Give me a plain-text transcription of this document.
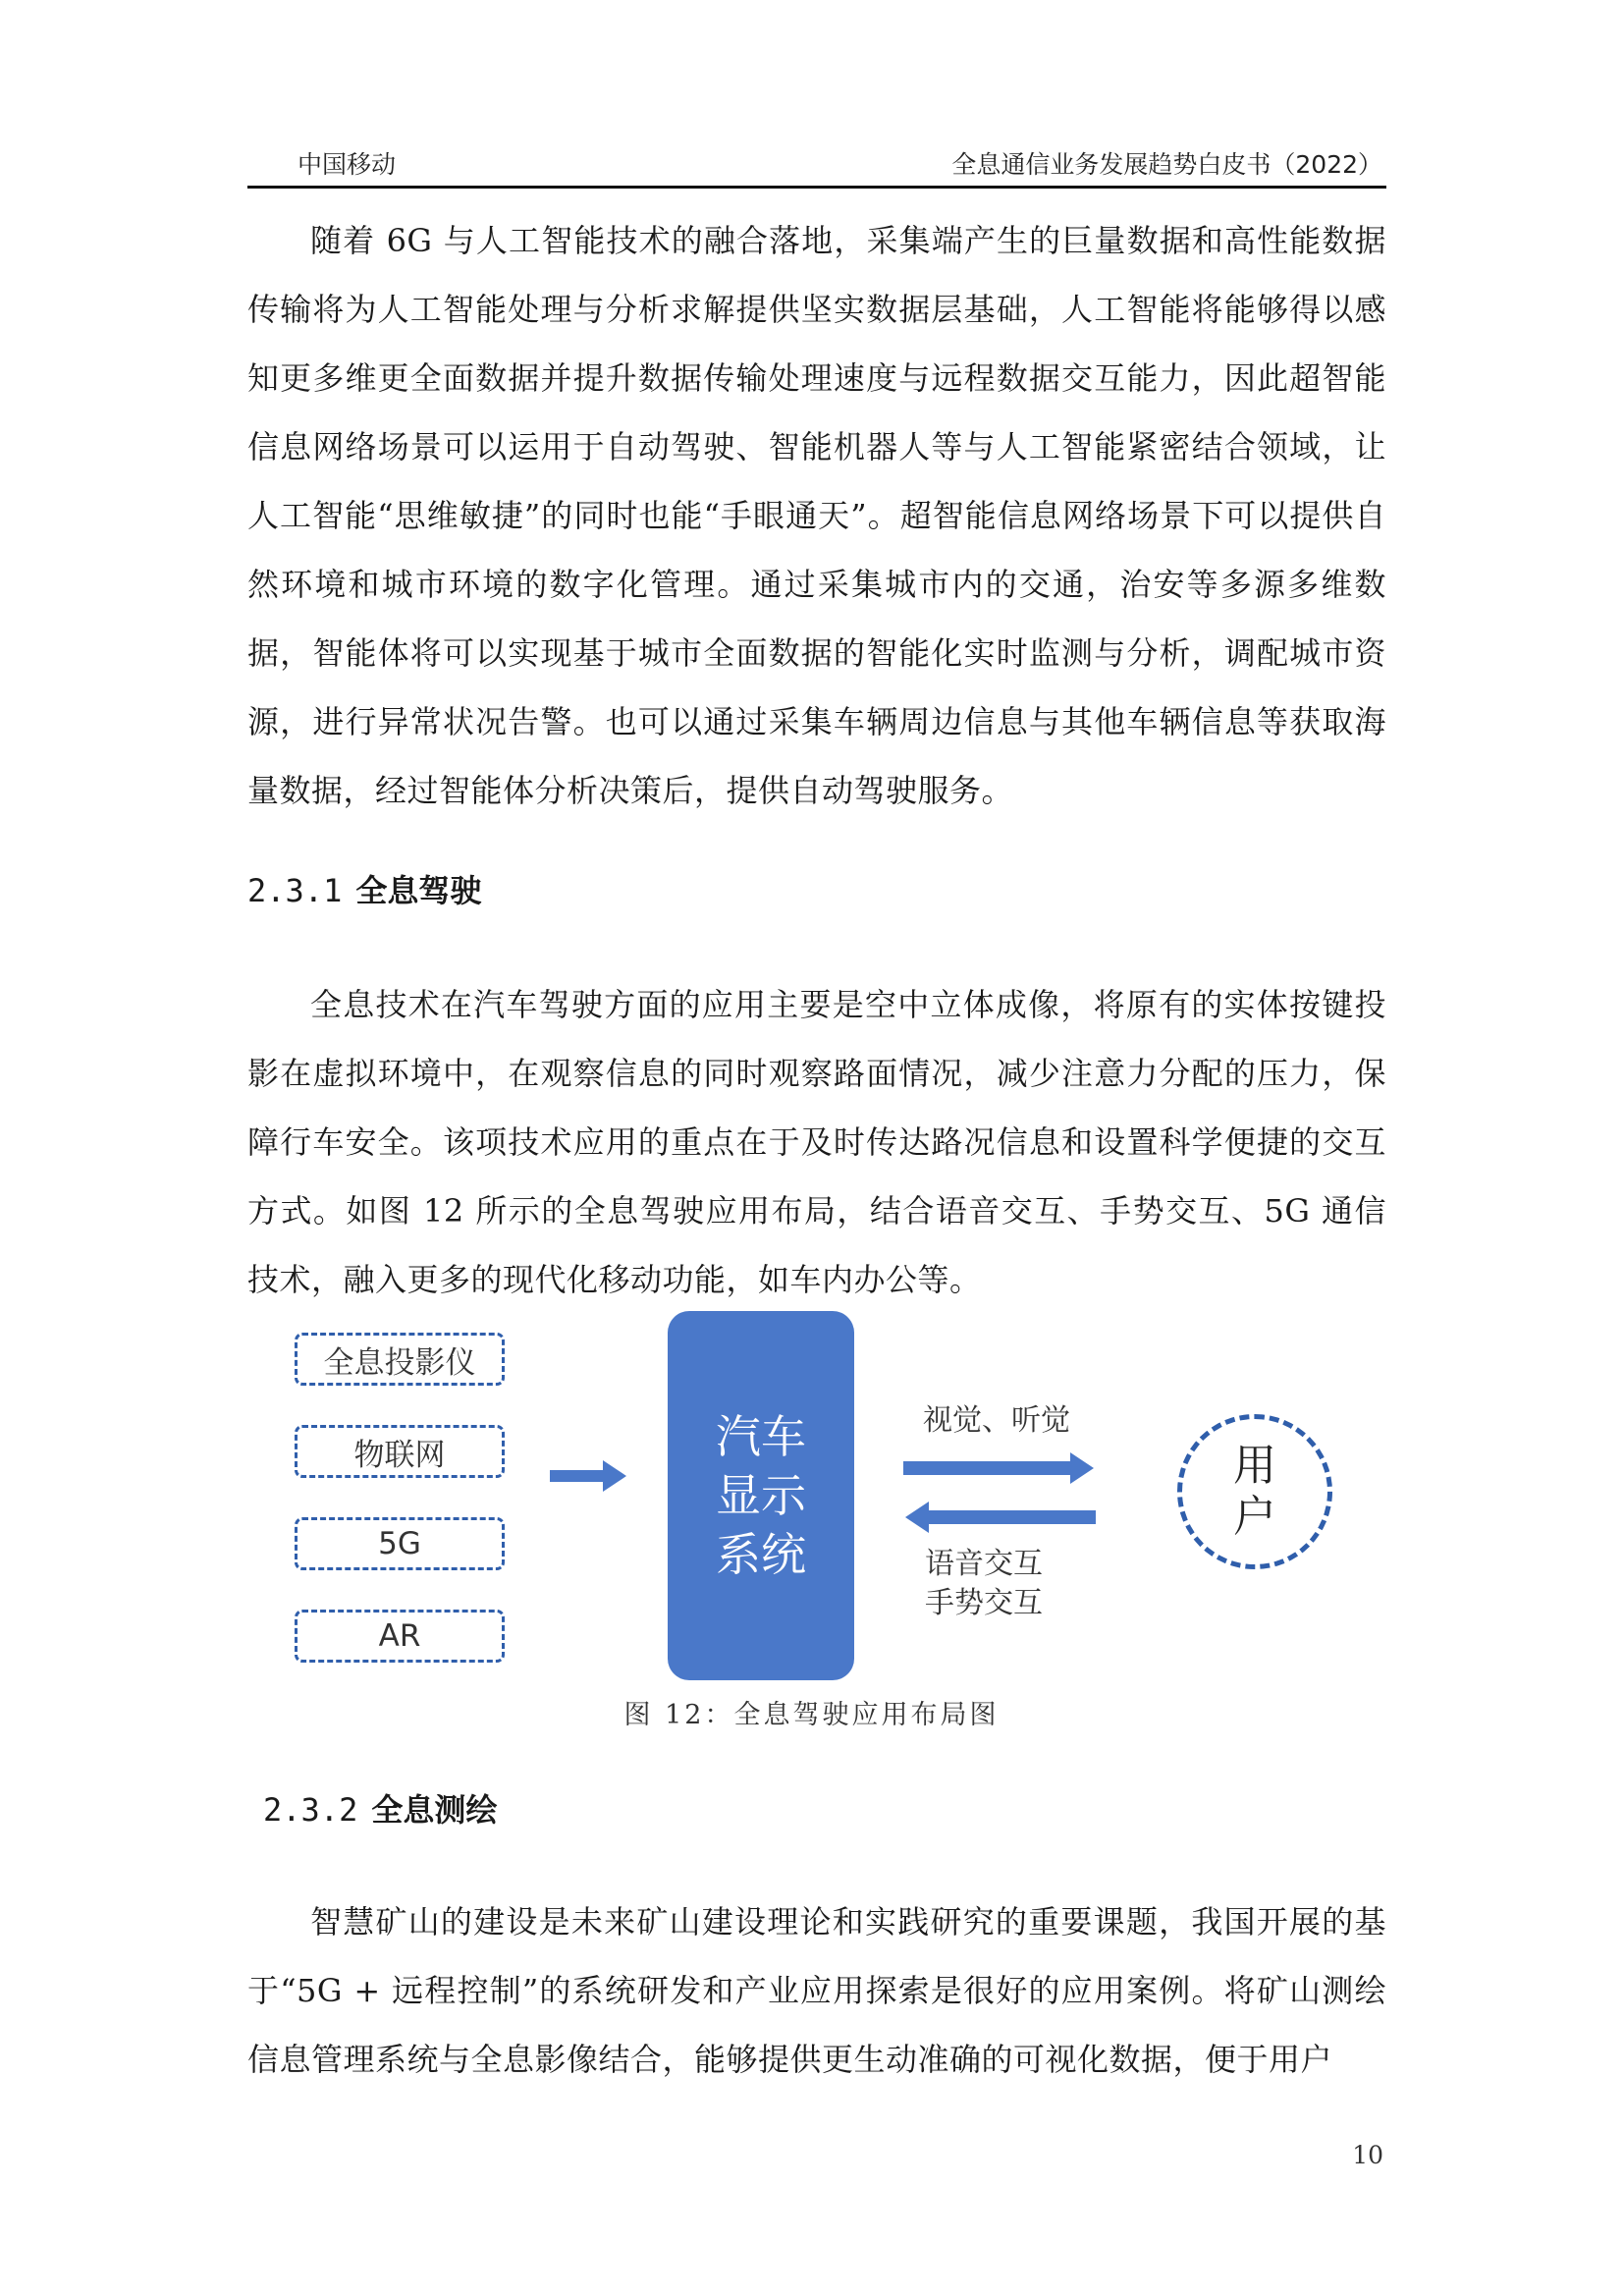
中国移动	全息通信业务发展趋势白皮书（2022）

随着 6G 与人工智能技术的融合落地，采集端产生的巨量数据和高性能数据传输将为人工智能处理与分析求解提供坚实数据层基础，人工智能将能够得以感知更多维更全面数据并提升数据传输处理速度与远程数据交互能力，因此超智能信息网络场景可以运用于自动驾驶、智能机器人等与人工智能紧密结合领域，让人工智能“思维敏捷”的同时也能“手眼通天”。超智能信息网络场景下可以提供自然环境和城市环境的数字化管理。通过采集城市内的交通，治安等多源多维数据，智能体将可以实现基于城市全面数据的智能化实时监测与分析，调配城市资源，进行异常状况告警。也可以通过采集车辆周边信息与其他车辆信息等获取海量数据，经过智能体分析决策后，提供自动驾驶服务。

2.3.1 全息驾驶

全息技术在汽车驾驶方面的应用主要是空中立体成像，将原有的实体按键投影在虚拟环境中，在观察信息的同时观察路面情况，减少注意力分配的压力，保障行车安全。该项技术应用的重点在于及时传达路况信息和设置科学便捷的交互方式。如图 12 所示的全息驾驶应用布局，结合语音交互、手势交互、5G 通信技术，融入更多的现代化移动功能，如车内办公等。

全息投影仪
物联网
5G
AR
汽车
显示
系统
视觉、听觉
语音交互
手势交互
用
户
图 12：全息驾驶应用布局图
2.3.2 全息测绘

智慧矿山的建设是未来矿山建设理论和实践研究的重要课题，我国开展的基于“5G + 远程控制”的系统研发和产业应用探索是很好的应用案例。将矿山测绘信息管理系统与全息影像结合，能够提供更生动准确的可视化数据，便于用户

10
